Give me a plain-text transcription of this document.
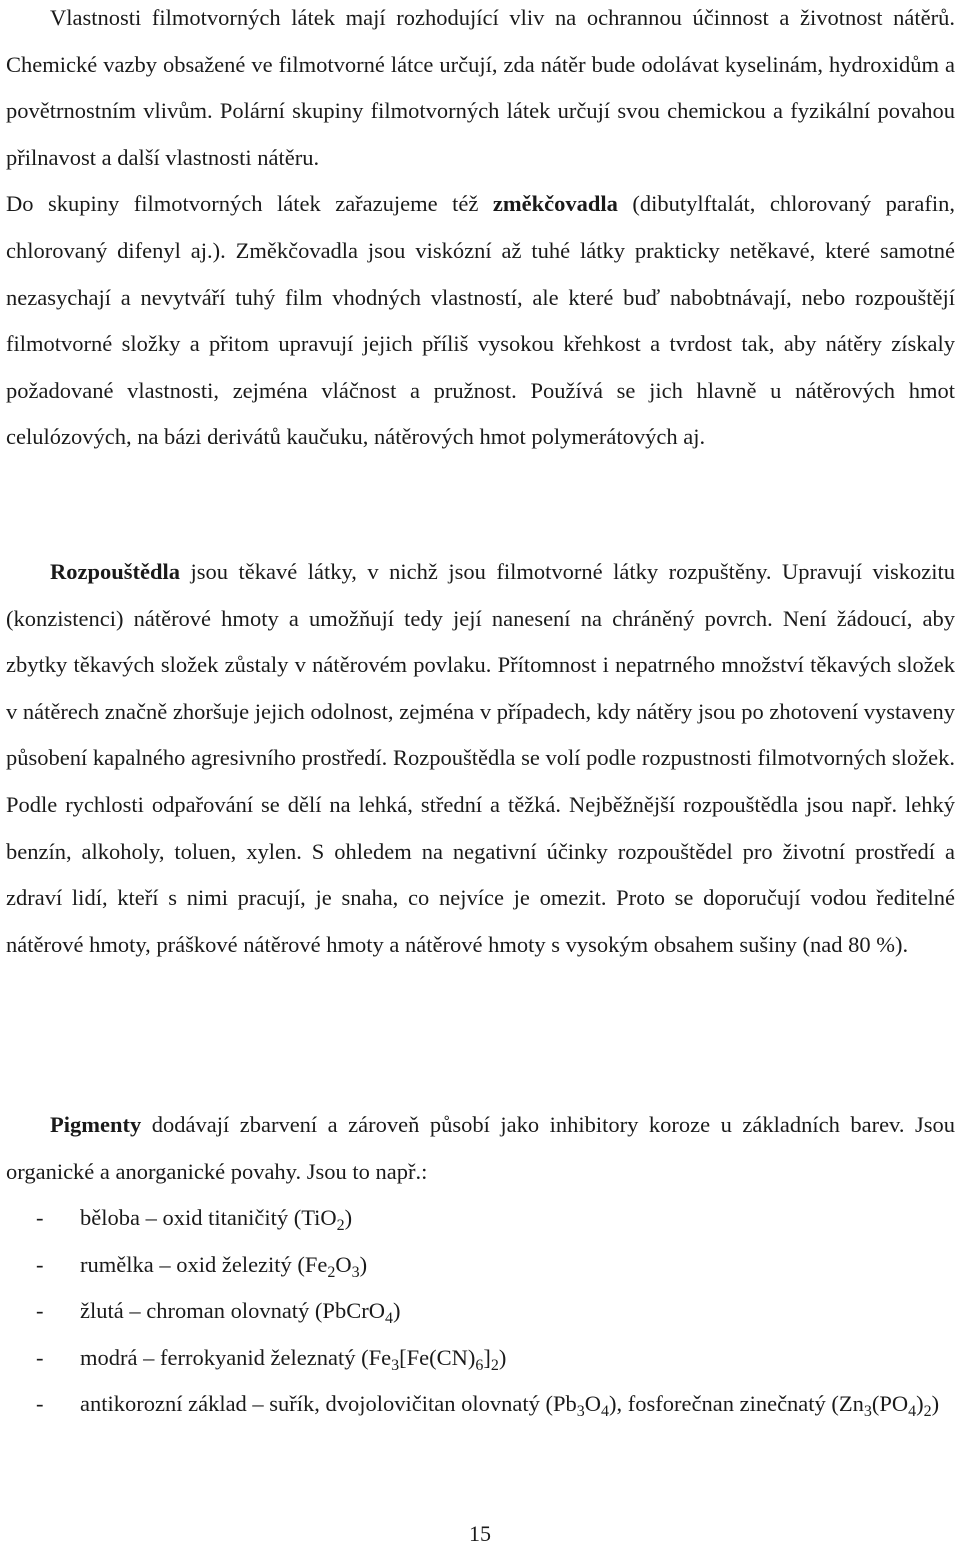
Vlastnosti filmotvorných látek mají rozhodující vliv na ochrannou účinnost a životnost nátěrů. Chemické vazby obsažené ve filmotvorné látce určují, zda nátěr bude odolávat kyselinám, hydroxidům a povětrnostním vlivům. Polární skupiny filmotvorných látek určují svou chemickou a fyzikální povahou přilnavost a další vlastnosti nátěru.
Do skupiny filmotvorných látek zařazujeme též změkčovadla (dibutylftalát, chlorovaný parafin, chlorovaný difenyl aj.). Změkčovadla jsou viskózní až tuhé látky prakticky netěkavé, které samotné nezasychají a nevytváří tuhý film vhodných vlastností, ale které buď nabobtnávají, nebo rozpouštějí filmotvorné složky a přitom upravují jejich příliš vysokou křehkost a tvrdost tak, aby nátěry získaly požadované vlastnosti, zejména vláčnost a pružnost. Používá se jich hlavně u nátěrových hmot celulózových, na bázi derivátů kaučuku, nátěrových hmot polymerátových aj.

Rozpouštědla jsou těkavé látky, v nichž jsou filmotvorné látky rozpuštěny. Upravují viskozitu (konzistenci) nátěrové hmoty a umožňují tedy její nanesení na chráněný povrch. Není žádoucí, aby zbytky těkavých složek zůstaly v nátěrovém povlaku. Přítomnost i nepatrného množství těkavých složek v nátěrech značně zhoršuje jejich odolnost, zejména v případech, kdy nátěry jsou po zhotovení vystaveny působení kapalného agresivního prostředí. Rozpouštědla se volí podle rozpustnosti filmotvorných složek. Podle rychlosti odpařování se dělí na lehká, střední a těžká. Nejběžnější rozpouštědla jsou např. lehký benzín, alkoholy, toluen, xylen. S ohledem na negativní účinky rozpouštědel pro životní prostředí a zdraví lidí, kteří s nimi pracují, je snaha, co nejvíce je omezit. Proto se doporučují vodou ředitelné nátěrové hmoty, práškové nátěrové hmoty a nátěrové hmoty s vysokým obsahem sušiny (nad 80 %).

Pigmenty dodávají zbarvení a zároveň působí jako inhibitory koroze u základních barev. Jsou organické a anorganické povahy. Jsou to např.:

-	běloba – oxid titaničitý (TiO$_2$)
-	rumělka – oxid železitý $(Fe_2O_3)$
-	žlutá – chroman olovnatý (PbCrO$_4$)
-	modrá – ferrokyanid železnatý $(Fe_3[Fe(CN)_6]_2)$
-	antikorozní základ – suřík, dvojolovičitan olovnatý $(Pb_3O_4)$, fosforečnan zinečnatý $(Zn_3(PO_4)_2)$
15
